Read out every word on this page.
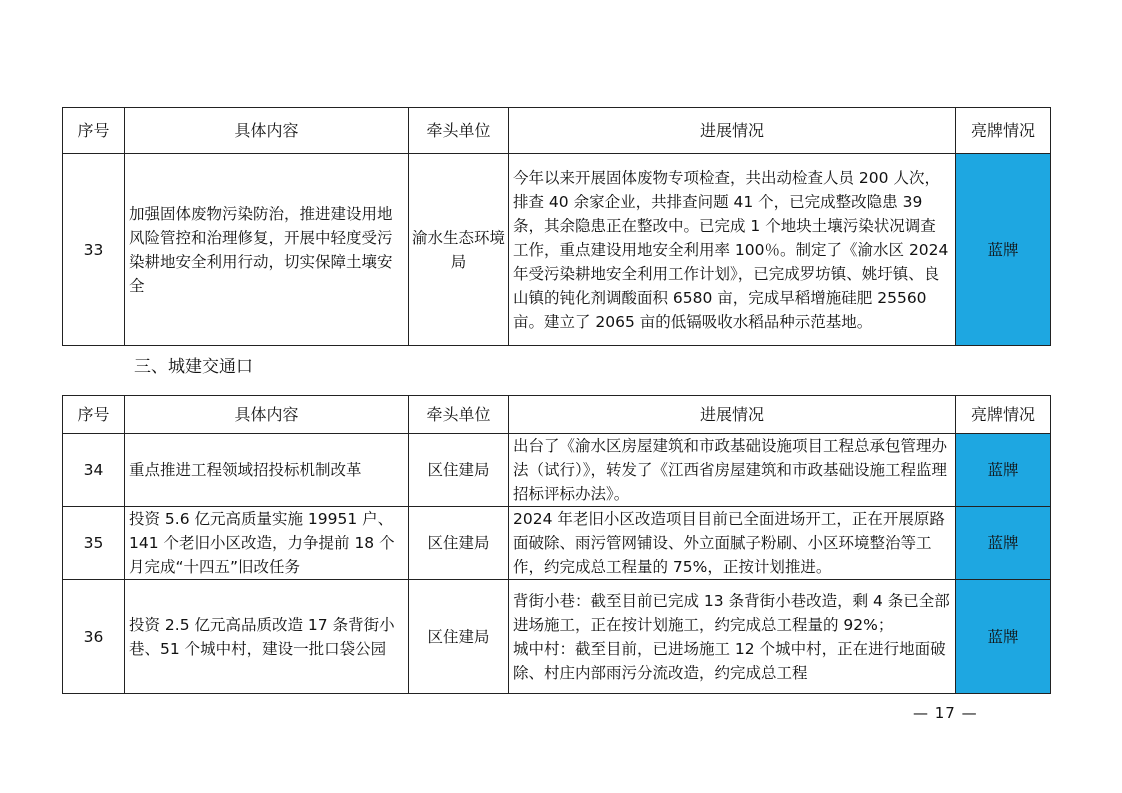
序号	具体内容	牵头单位	进展情况	亮牌情况
33	加强固体废物污染防治，推进建设用地风险管控和治理修复，开展中轻度受污染耕地安全利用行动，切实保障土壤安全	渝水生态环境局	今年以来开展固体废物专项检查，共出动检查人员 200 人次，排查 40 余家企业，共排查问题 41 个，已完成整改隐患 39 条，其余隐患正在整改中。已完成 1 个地块土壤污染状况调查工作，重点建设用地安全利用率 100％。制定了《渝水区 2024 年受污染耕地安全利用工作计划》，已完成罗坊镇、姚圩镇、良山镇的钝化剂调酸面积 6580 亩，完成早稻增施硅肥 25560 亩。建立了 2065 亩的低镉吸收水稻品种示范基地。	蓝牌
三、城建交通口
序号	具体内容	牵头单位	进展情况	亮牌情况
34	重点推进工程领域招投标机制改革	区住建局	出台了《渝水区房屋建筑和市政基础设施项目工程总承包管理办法（试行）》，转发了《江西省房屋建筑和市政基础设施工程监理招标评标办法》。	蓝牌
35	投资 5.6 亿元高质量实施 19951 户、141 个老旧小区改造，力争提前 18 个月完成“十四五”旧改任务	区住建局	2024 年老旧小区改造项目目前已全面进场开工，正在开展原路面破除、雨污管网铺设、外立面腻子粉刷、小区环境整治等工作，约完成总工程量的 75%，正按计划推进。	蓝牌
36	投资 2.5 亿元高品质改造 17 条背街小巷、51 个城中村，建设一批口袋公园	区住建局	背街小巷：截至目前已完成 13 条背街小巷改造，剩 4 条已全部进场施工，正在按计划施工，约完成总工程量的 92%；
城中村：截至目前，已进场施工 12 个城中村，正在进行地面破除、村庄内部雨污分流改造，约完成总工程	蓝牌
— 17 —
